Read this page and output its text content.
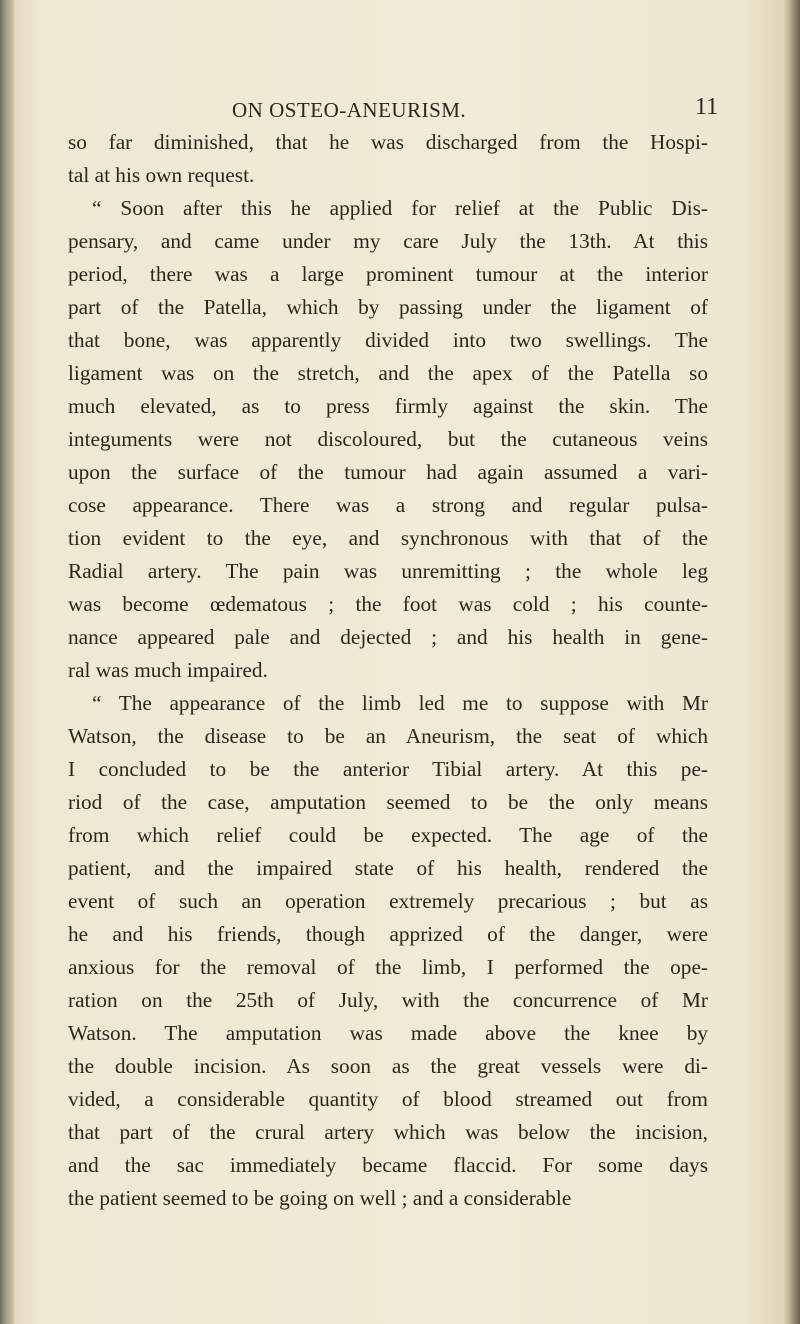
ON OSTEO-ANEURISM.	11
so far diminished, that he was discharged from the Hospi-
tal at his own request.
“ Soon after this he applied for relief at the Public Dis-
pensary, and came under my care July the 13th. At this
period, there was a large prominent tumour at the interior
part of the Patella, which by passing under the ligament of
that bone, was apparently divided into two swellings. The
ligament was on the stretch, and the apex of the Patella so
much elevated, as to press firmly against the skin. The
integuments were not discoloured, but the cutaneous veins
upon the surface of the tumour had again assumed a vari-
cose appearance. There was a strong and regular pulsa-
tion evident to the eye, and synchronous with that of the
Radial artery. The pain was unremitting ; the whole leg
was become œdematous ; the foot was cold ; his counte-
nance appeared pale and dejected ; and his health in gene-
ral was much impaired.
“ The appearance of the limb led me to suppose with Mr
Watson, the disease to be an Aneurism, the seat of which
I concluded to be the anterior Tibial artery. At this pe-
riod of the case, amputation seemed to be the only means
from which relief could be expected. The age of the
patient, and the impaired state of his health, rendered the
event of such an operation extremely precarious ; but as
he and his friends, though apprized of the danger, were
anxious for the removal of the limb, I performed the ope-
ration on the 25th of July, with the concurrence of Mr
Watson. The amputation was made above the knee by
the double incision. As soon as the great vessels were di-
vided, a considerable quantity of blood streamed out from
that part of the crural artery which was below the incision,
and the sac immediately became flaccid. For some days
the patient seemed to be going on well ; and a considerable
